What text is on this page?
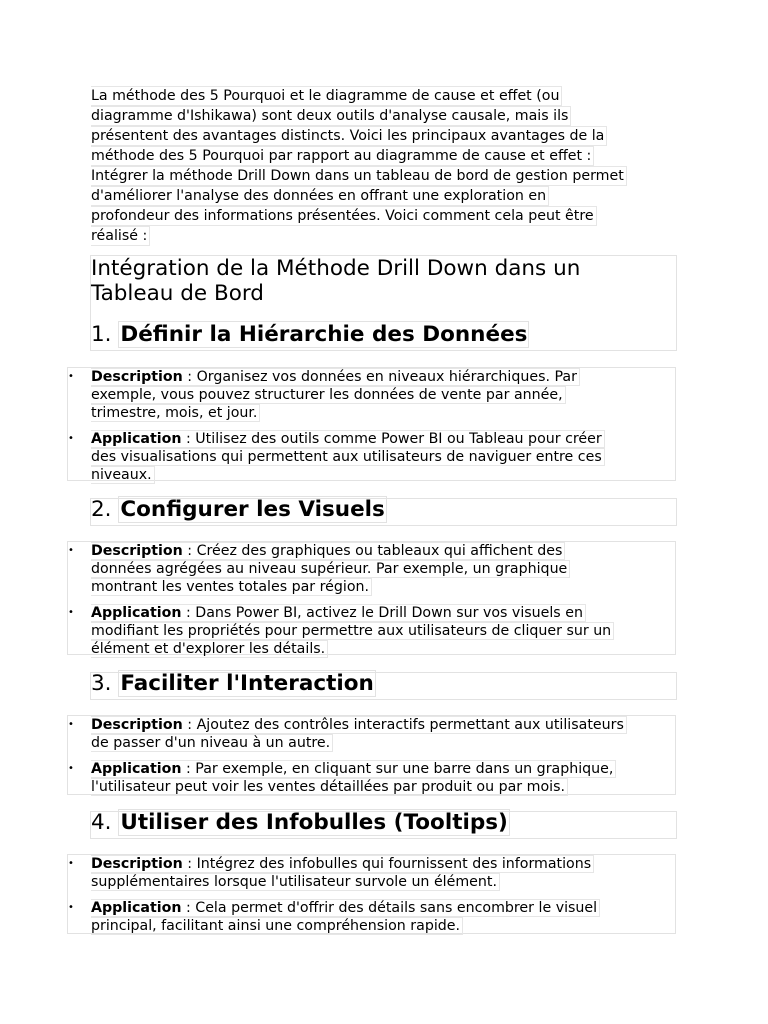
La méthode des 5 Pourquoi et le diagramme de cause et effet (ou
diagramme d'Ishikawa) sont deux outils d'analyse causale, mais ils
présentent des avantages distincts. Voici les principaux avantages de la
méthode des 5 Pourquoi par rapport au diagramme de cause et effet :
Intégrer la méthode Drill Down dans un tableau de bord de gestion permet
d'améliorer l'analyse des données en offrant une exploration en
profondeur des informations présentées. Voici comment cela peut être
réalisé :
Intégration de la Méthode Drill Down dans un
Tableau de Bord
1. Définir la Hiérarchie des Données
• Description : Organisez vos données en niveaux hiérarchiques. Par
exemple, vous pouvez structurer les données de vente par année,
trimestre, mois, et jour.
• Application : Utilisez des outils comme Power BI ou Tableau pour créer
des visualisations qui permettent aux utilisateurs de naviguer entre ces
niveaux.
2. Configurer les Visuels
• Description : Créez des graphiques ou tableaux qui affichent des
données agrégées au niveau supérieur. Par exemple, un graphique
montrant les ventes totales par région.
• Application : Dans Power BI, activez le Drill Down sur vos visuels en
modifiant les propriétés pour permettre aux utilisateurs de cliquer sur un
élément et d'explorer les détails.
3. Faciliter l'Interaction
• Description : Ajoutez des contrôles interactifs permettant aux utilisateurs
de passer d'un niveau à un autre.
• Application : Par exemple, en cliquant sur une barre dans un graphique,
l'utilisateur peut voir les ventes détaillées par produit ou par mois.
4. Utiliser des Infobulles (Tooltips)
• Description : Intégrez des infobulles qui fournissent des informations
supplémentaires lorsque l'utilisateur survole un élément.
• Application : Cela permet d'offrir des détails sans encombrer le visuel
principal, facilitant ainsi une compréhension rapide.
